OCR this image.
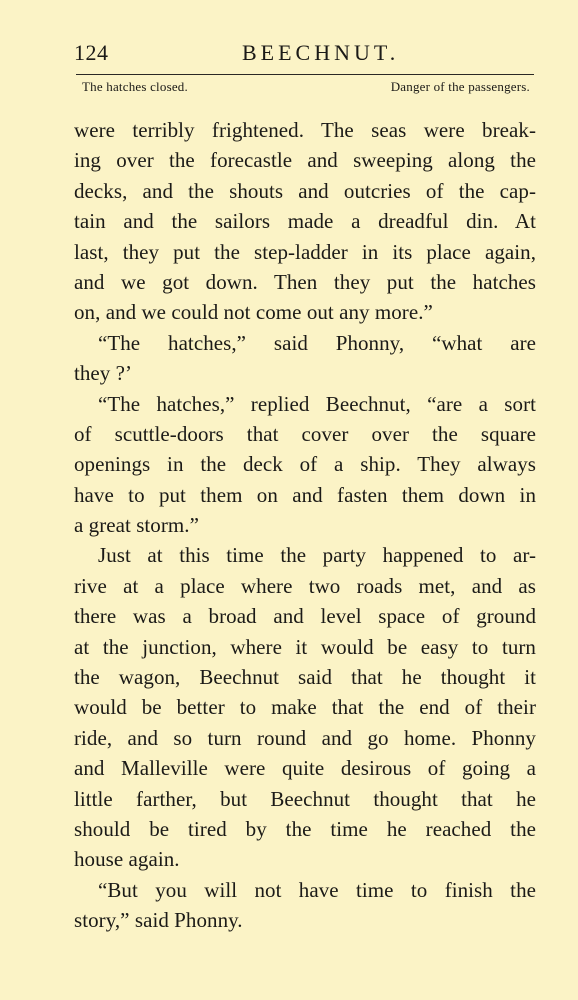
124	BEECHNUT.
The hatches closed.	Danger of the passengers.
were terribly frightened. The seas were break-
ing over the forecastle and sweeping along the
decks, and the shouts and outcries of the cap-
tain and the sailors made a dreadful din. At
last, they put the step-ladder in its place again,
and we got down. Then they put the hatches
on, and we could not come out any more.”
“The hatches,” said Phonny, “what are
they ?’
“The hatches,” replied Beechnut, “are a sort
of scuttle-doors that cover over the square
openings in the deck of a ship. They always
have to put them on and fasten them down in
a great storm.”
Just at this time the party happened to ar-
rive at a place where two roads met, and as
there was a broad and level space of ground
at the junction, where it would be easy to turn
the wagon, Beechnut said that he thought it
would be better to make that the end of their
ride, and so turn round and go home. Phonny
and Malleville were quite desirous of going a
little farther, but Beechnut thought that he
should be tired by the time he reached the
house again.
“But you will not have time to finish the
story,” said Phonny.
